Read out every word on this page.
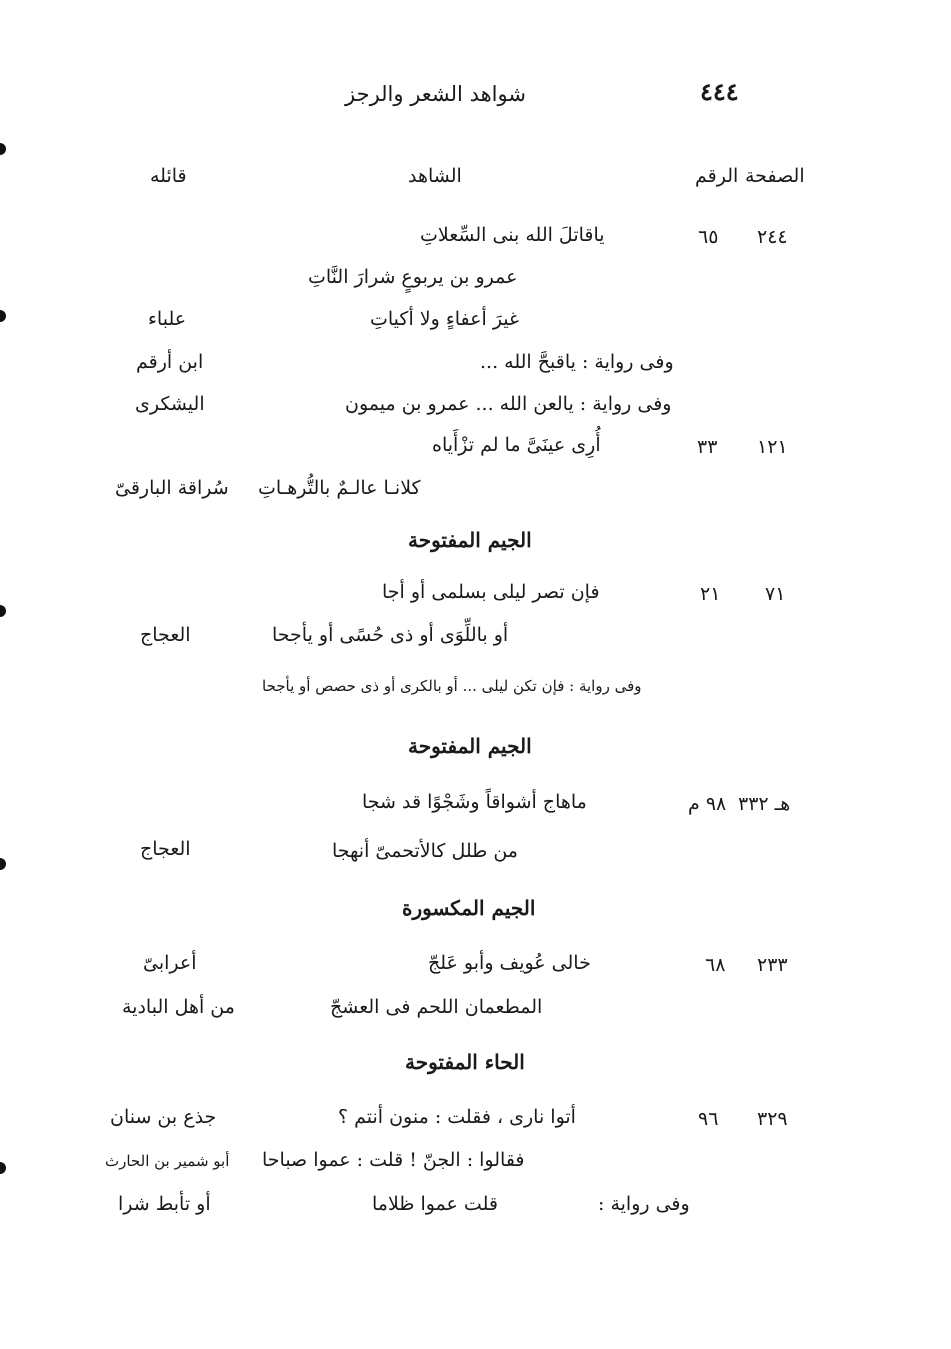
٤٤٤
شواهد الشعر والرجز
الصفحة
الرقم
الشاهد
قائله
٢٤٤
٦٥
ياقاتلَ الله بنى السِّعلاتِ
عمرو بن يربوعٍ شرارَ النَّاتِ
غيرَ أعفاءٍ ولا أكياتِ
علباء
وفى رواية : ياقبحَّ الله ...
ابن أرقم
وفى رواية : يالعن الله ... عمرو بن ميمون
اليشكرى
١٢١
٣٣
أُرِى عينَىَّ ما لم تزْأَياه
كلانـا عالـمٌ بالتُّرهـاتِ
سُراقة البارقىّ
الجيم المفتوحة
٧١
٢١
فإن تصر ليلى بسلمى أو أجا
أو باللِّوَى أو ذى حُسًى أو يأجحا
العجاج
وفى رواية : فإن تكن ليلى ... أو بالكرى أو ذى حصص أو يأجحا
الجيم المفتوحة
هـ ٣٣٢
٩٨ م
ماهاج أشواقاً وشَجْوًا قد شجا
من طلل كالأتحمىّ أنهجا
العجاج
الجيم المكسورة
٢٣٣
٦٨
خالى عُويف وأبو عَلجّ
المطعمان اللحم فى العشجّ
أعرابىّ
من أهل البادية
الحاء المفتوحة
٣٢٩
٩٦
أتوا نارى ، فقلت : منون أنتم ؟
جذع بن سنان
فقالوا : الجنّ ! قلت : عموا صباحا
أبو شمير بن الحارث
وفى رواية :
قلت عموا ظلاما
أو تأبط شرا
